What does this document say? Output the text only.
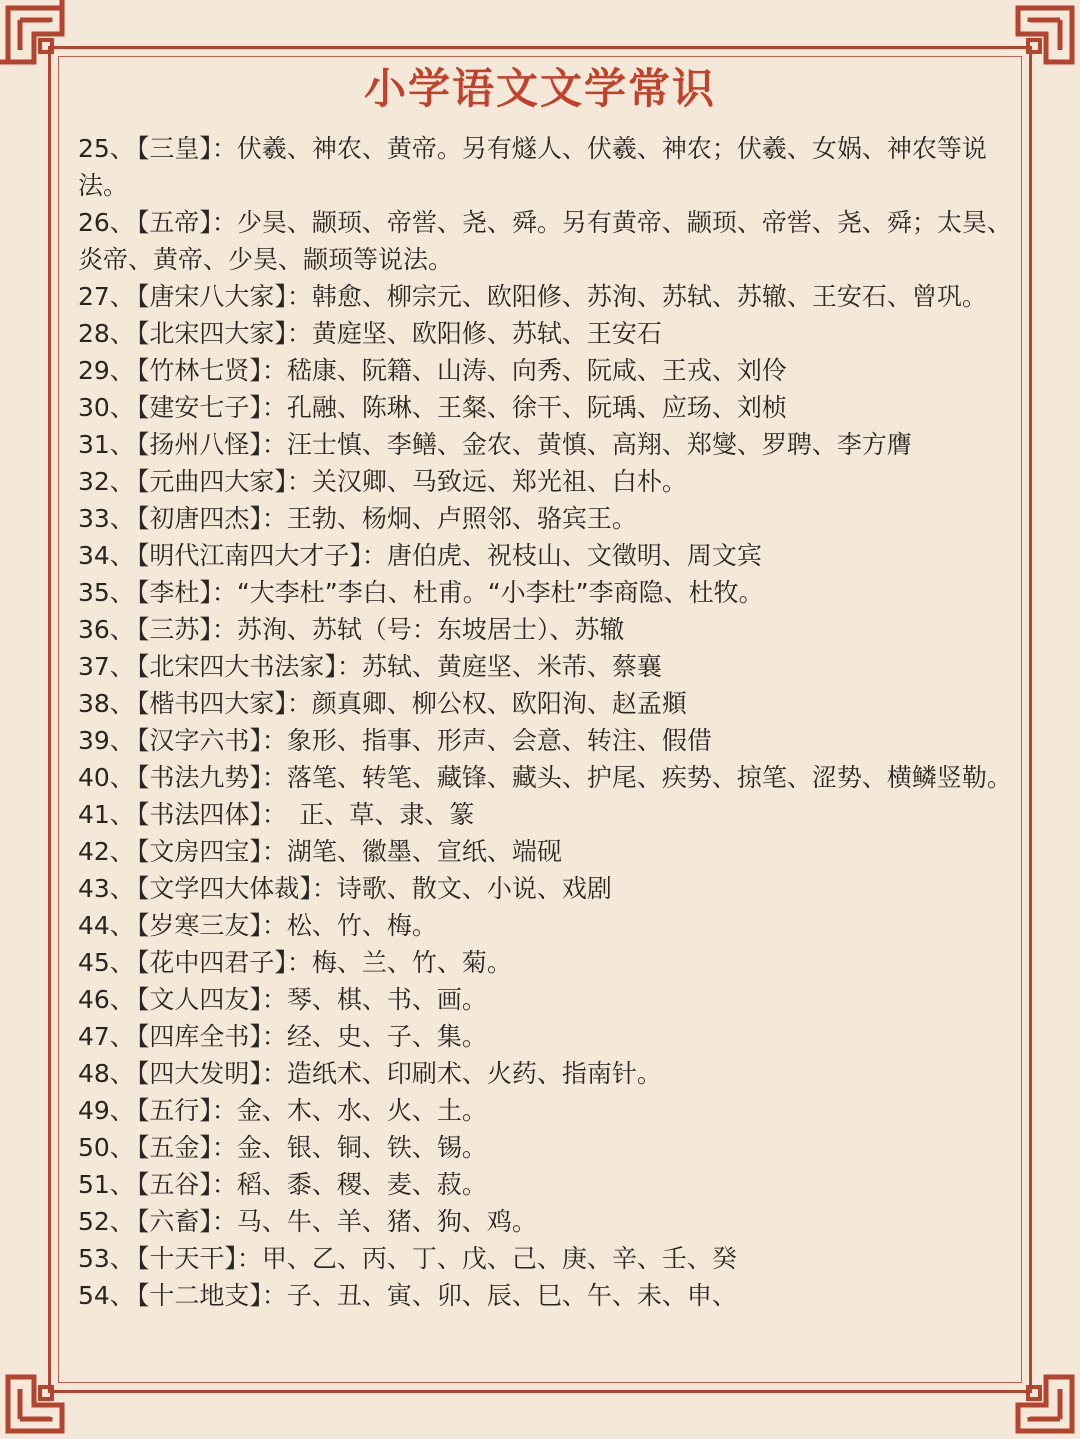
小学语文文学常识

25、【三皇】：伏羲、神农、黄帝。另有燧人、伏羲、神农；伏羲、女娲、神农等说法。

26、【五帝】：少昊、颛顼、帝喾、尧、舜。另有黄帝、颛顼、帝喾、尧、舜；太昊、炎帝、黄帝、少昊、颛顼等说法。

27、【唐宋八大家】：韩愈、柳宗元、欧阳修、苏洵、苏轼、苏辙、王安石、曾巩。

28、【北宋四大家】：黄庭坚、欧阳修、苏轼、王安石

29、【竹林七贤】：嵇康、阮籍、山涛、向秀、阮咸、王戎、刘伶

30、【建安七子】：孔融、陈琳、王粲、徐干、阮瑀、应玚、刘桢

31、【扬州八怪】：汪士慎、李鳝、金农、黄慎、高翔、郑燮、罗聘、李方膺

32、【元曲四大家】：关汉卿、马致远、郑光祖、白朴。

33、【初唐四杰】：王勃、杨炯、卢照邻、骆宾王。

34、【明代江南四大才子】：唐伯虎、祝枝山、文徵明、周文宾

35、【李杜】：“大李杜”李白、杜甫。“小李杜”李商隐、杜牧。

36、【三苏】：苏洵、苏轼（号：东坡居士）、苏辙

37、【北宋四大书法家】：苏轼、黄庭坚、米芾、蔡襄

38、【楷书四大家】：颜真卿、柳公权、欧阳洵、赵孟頫

39、【汉字六书】：象形、指事、形声、会意、转注、假借

40、【书法九势】：落笔、转笔、藏锋、藏头、护尾、疾势、掠笔、涩势、横鳞竖勒。

41、【书法四体】：　正、草、隶、篆

42、【文房四宝】：湖笔、徽墨、宣纸、端砚

43、【文学四大体裁】：诗歌、散文、小说、戏剧

44、【岁寒三友】：松、竹、梅。

45、【花中四君子】：梅、兰、竹、菊。

46、【文人四友】：琴、棋、书、画。

47、【四库全书】：经、史、子、集。

48、【四大发明】：造纸术、印刷术、火药、指南针。

49、【五行】：金、木、水、火、土。

50、【五金】：金、银、铜、铁、锡。

51、【五谷】：稻、黍、稷、麦、菽。

52、【六畜】：马、牛、羊、猪、狗、鸡。

53、【十天干】：甲、乙、丙、丁、戊、己、庚、辛、壬、癸

54、【十二地支】：子、丑、寅、卯、辰、巳、午、未、申、
